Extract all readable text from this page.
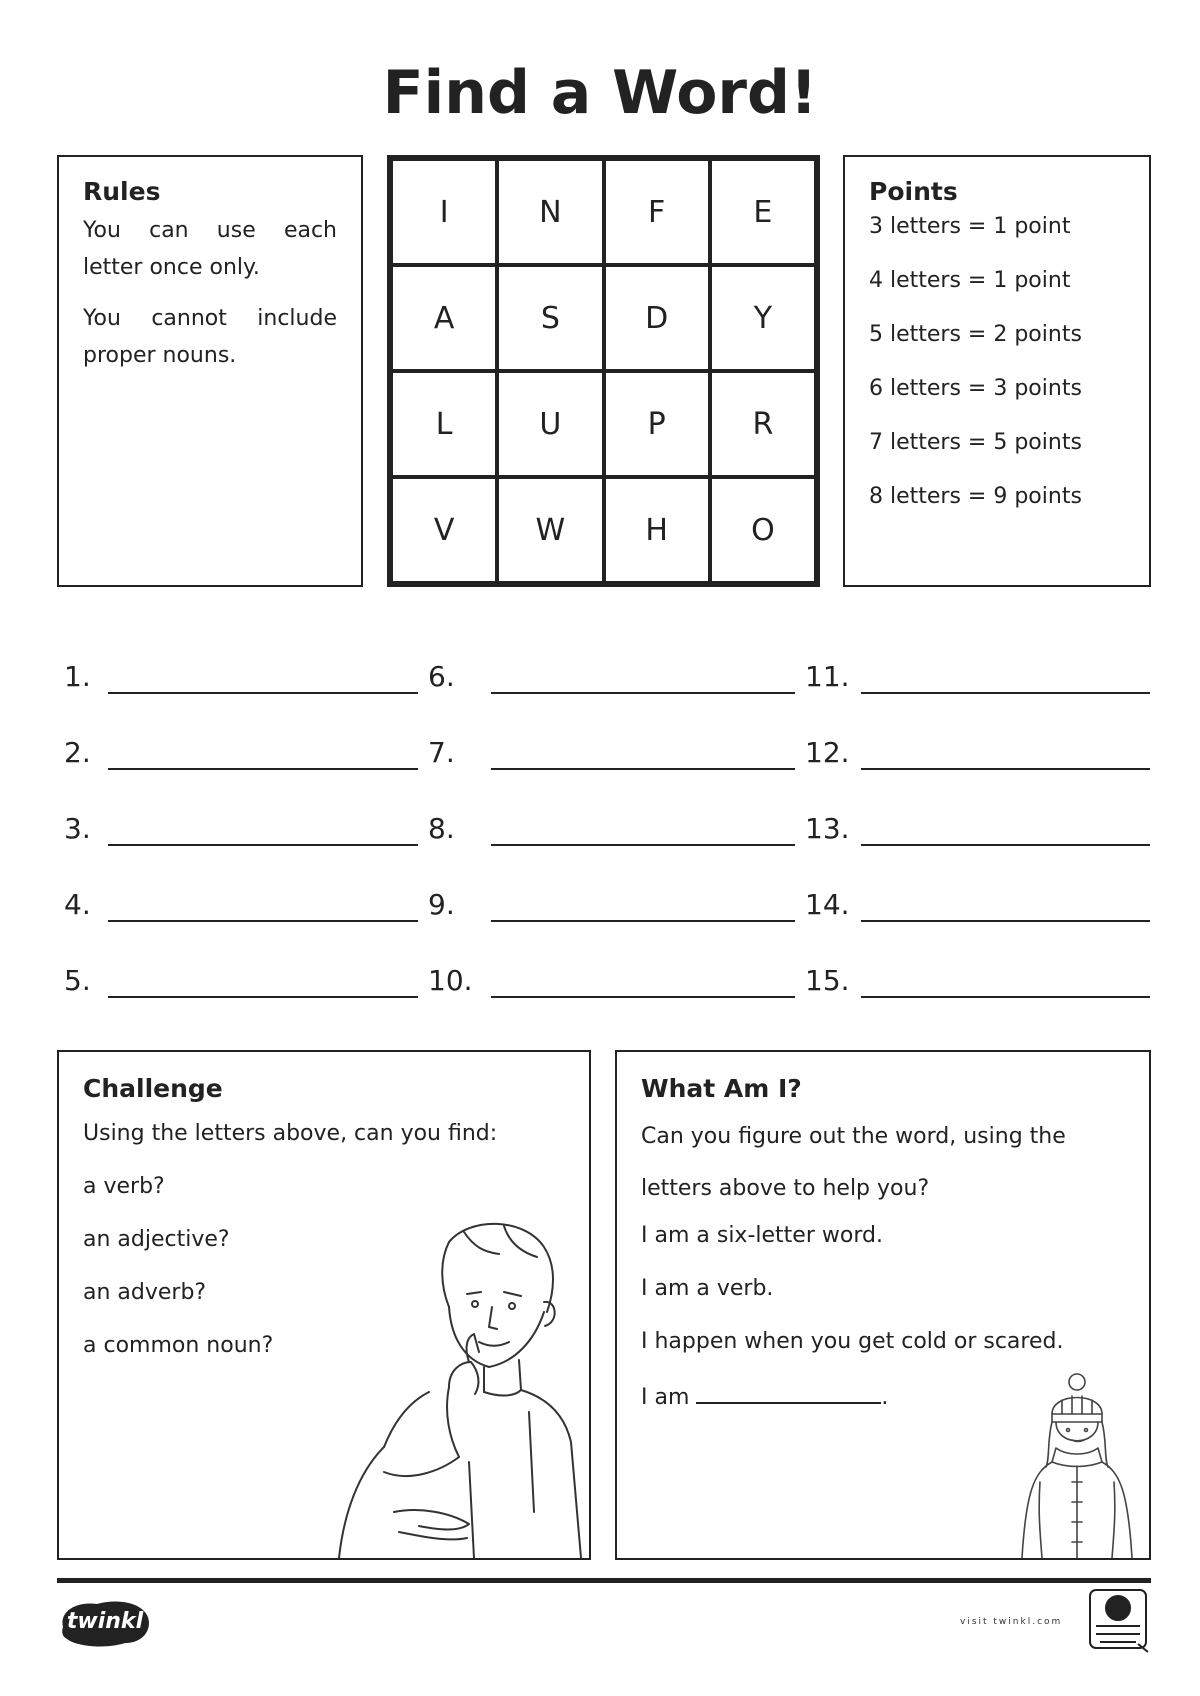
Find a Word!
Rules

You can use each letter once only.

You cannot include proper nouns.

I	N	F	E
A	S	D	Y
L	U	P	R
V	W	H	O
Points
3 letters = 1 point
4 letters = 1 point
5 letters = 2 points
6 letters = 3 points
7 letters = 5 points
8 letters = 9 points
1.
2.
3.
4.
5.
6.
7.
8.
9.
10.
11.
12.
13.
14.
15.
Challenge

Using the letters above, can you find:

a verb?

an adjective?

an adverb?

a common noun?

What Am I?

Can you figure out the word, using the letters above to help you?

I am a six-letter word.

I am a verb.

I happen when you get cold or scared.

I am	.

twinkl	visit twinkl.com
